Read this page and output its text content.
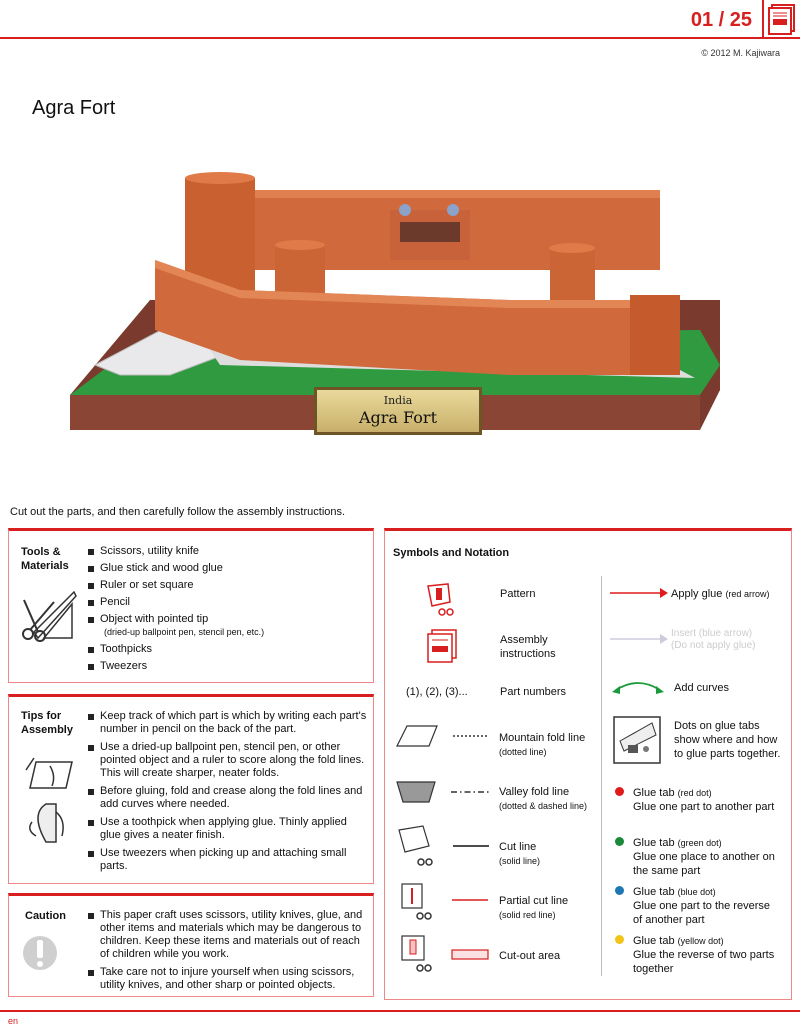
01 / 25
© 2012 M. Kajiwara
Agra Fort
India
Agra Fort
Cut out the parts, and then carefully follow the assembly instructions.
Tools &
Materials
Scissors, utility knife
Glue stick and wood glue
Ruler or set square
Pencil
Object with pointed tip
(dried-up ballpoint pen, stencil pen, etc.)
Toothpicks
Tweezers
Tips for
Assembly
Keep track of which part is which by writing each part's number in pencil on the back of the part.
Use a dried-up ballpoint pen, stencil pen, or other pointed object and a ruler to score along the fold lines. This will create sharper, neater folds.
Before gluing, fold and crease along the fold lines and add curves where needed.
Use a toothpick when applying glue. Thinly applied glue gives a neater finish.
Use tweezers when picking up and attaching small parts.
Caution	This paper craft uses scissors, utility knives, glue, and other items and materials which may be dangerous to children. Keep these items and materials out of reach of children while you work.
Take care not to injure yourself when using scissors, utility knives, and other sharp or pointed objects.
Symbols and Notation
Pattern
Assembly
instructions
(1), (2), (3)...	Part numbers
Mountain fold line
(dotted line)
Valley fold line
(dotted & dashed line)
Cut line
(solid line)
Partial cut line
(solid red line)
Cut-out area
Apply glue (red arrow)
Insert (blue arrow)
(Do not apply glue)
Add curves
Dots on glue tabs
show where and how
to glue parts together.
Glue tab (red dot)
Glue one part to another part
Glue tab (green dot)
Glue one place to another on
the same part
Glue tab (blue dot)
Glue one part to the reverse
of another part
Glue tab (yellow dot)
Glue the reverse of two parts
together
en
